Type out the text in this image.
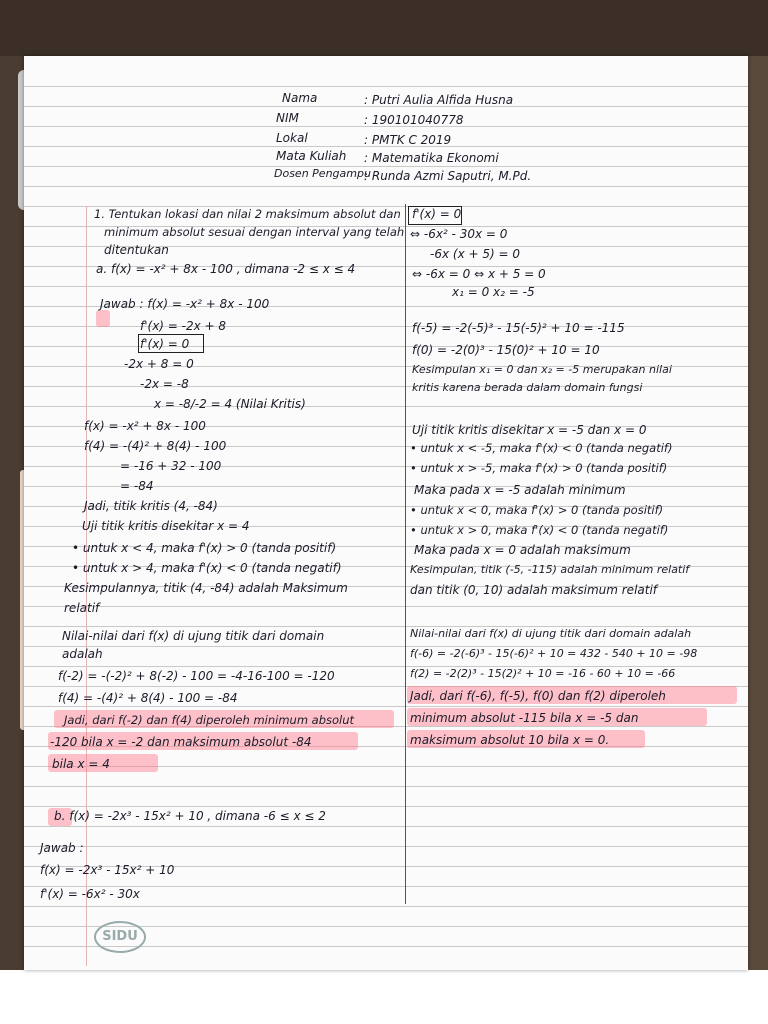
Nama
NIM
Lokal
Mata Kuliah
Dosen Pengampu
: Putri Aulia Alfida Husna
: 190101040778
: PMTK C 2019
: Matematika Ekonomi
: Runda Azmi Saputri, M.Pd.
1. Tentukan lokasi dan nilai 2 maksimum absolut dan
minimum absolut sesuai dengan interval yang telah
ditentukan
a. f(x) = -x² + 8x - 100 , dimana -2 ≤ x ≤ 4
Jawab : f(x) = -x² + 8x - 100
f'(x) = -2x + 8
f'(x) = 0
-2x + 8 = 0
-2x = -8
x = -8/-2 = 4 (Nilai Kritis)
f(x) = -x² + 8x - 100
f(4) = -(4)² + 8(4) - 100
= -16 + 32 - 100
= -84
Jadi, titik kritis (4, -84)
Uji titik kritis disekitar x = 4
• untuk x < 4, maka f'(x) > 0 (tanda positif)
• untuk x > 4, maka f'(x) < 0 (tanda negatif)
Kesimpulannya, titik (4, -84) adalah Maksimum
relatif
Nilai-nilai dari f(x) di ujung titik dari domain
adalah
f(-2) = -(-2)² + 8(-2) - 100 = -4-16-100 = -120
f(4) = -(4)² + 8(4) - 100 = -84
Jadi, dari f(-2) dan f(4) diperoleh minimum absolut
-120 bila x = -2 dan maksimum absolut -84
bila x = 4
b. f(x) = -2x³ - 15x² + 10 , dimana -6 ≤ x ≤ 2
Jawab :
f(x) = -2x³ - 15x² + 10
f'(x) = -6x² - 30x
f'(x) = 0
⇔ -6x² - 30x = 0
-6x (x + 5) = 0
⇔ -6x = 0 ⇔ x + 5 = 0
x₁ = 0 x₂ = -5
f(-5) = -2(-5)³ - 15(-5)² + 10 = -115
f(0) = -2(0)³ - 15(0)² + 10 = 10
Kesimpulan x₁ = 0 dan x₂ = -5 merupakan nilai
kritis karena berada dalam domain fungsi
Uji titik kritis disekitar x = -5 dan x = 0
• untuk x < -5, maka f'(x) < 0 (tanda negatif)
• untuk x > -5, maka f'(x) > 0 (tanda positif)
Maka pada x = -5 adalah minimum
• untuk x < 0, maka f'(x) > 0 (tanda positif)
• untuk x > 0, maka f'(x) < 0 (tanda negatif)
Maka pada x = 0 adalah maksimum
Kesimpulan, titik (-5, -115) adalah minimum relatif
dan titik (0, 10) adalah maksimum relatif
Nilai-nilai dari f(x) di ujung titik dari domain adalah
f(-6) = -2(-6)³ - 15(-6)² + 10 = 432 - 540 + 10 = -98
f(2) = -2(2)³ - 15(2)² + 10 = -16 - 60 + 10 = -66
Jadi, dari f(-6), f(-5), f(0) dan f(2) diperoleh
minimum absolut -115 bila x = -5 dan
maksimum absolut 10 bila x = 0.
SIDU
